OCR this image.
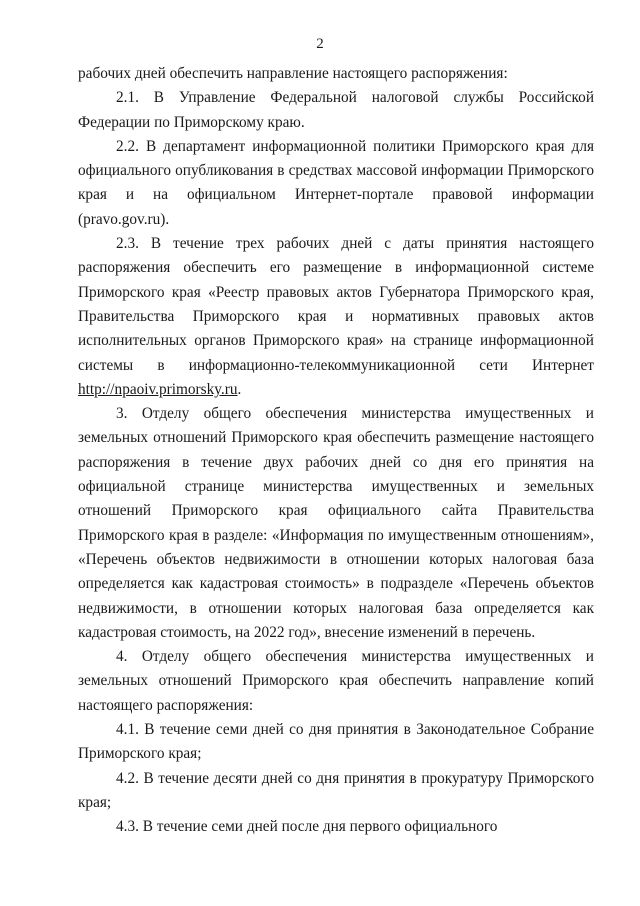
2

рабочих дней обеспечить направление настоящего распоряжения:

2.1. В Управление Федеральной налоговой службы Российской Федерации по Приморскому краю.

2.2. В департамент информационной политики Приморского края для официального опубликования в средствах массовой информации Приморского края и на официальном Интернет-портале правовой информации (pravo.gov.ru).

2.3. В течение трех рабочих дней с даты принятия настоящего распоряжения обеспечить его размещение в информационной системе Приморского края «Реестр правовых актов Губернатора Приморского края, Правительства Приморского края и нормативных правовых актов исполнительных органов Приморского края» на странице информационной системы в информационно-телекоммуникационной сети Интернет http://npaoiv.primorsky.ru.

3. Отделу общего обеспечения министерства имущественных и земельных отношений Приморского края обеспечить размещение настоящего распоряжения в течение двух рабочих дней со дня его принятия на официальной странице министерства имущественных и земельных отношений Приморского края официального сайта Правительства Приморского края в разделе: «Информация по имущественным отношениям», «Перечень объектов недвижимости в отношении которых налоговая база определяется как кадастровая стоимость» в подразделе «Перечень объектов недвижимости, в отношении которых налоговая база определяется как кадастровая стоимость, на 2022 год», внесение изменений в перечень.

4. Отделу общего обеспечения министерства имущественных и земельных отношений Приморского края обеспечить направление копий настоящего распоряжения:

4.1. В течение семи дней со дня принятия в Законодательное Собрание Приморского края;

4.2. В течение десяти дней со дня принятия в прокуратуру Приморского края;

4.3. В течение семи дней после дня первого официального
